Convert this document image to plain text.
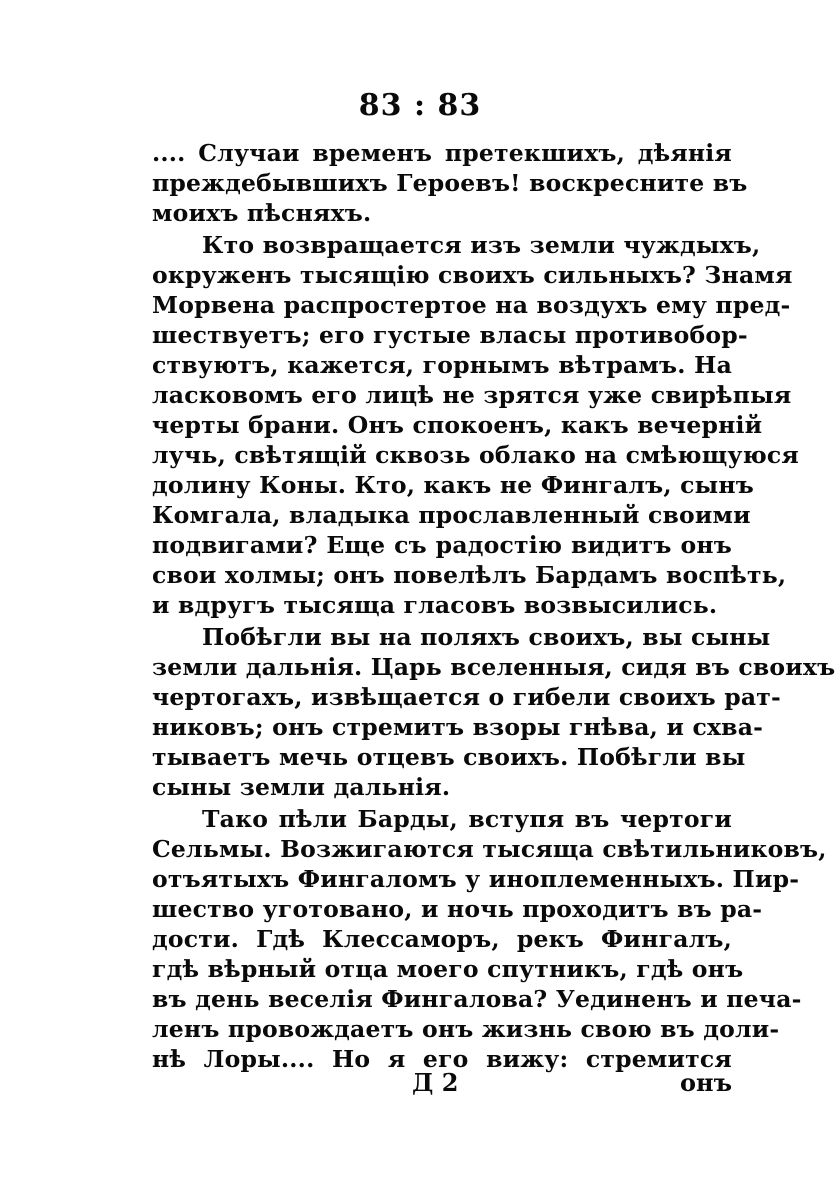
83 : 83
.... Случаи временъ претекшихъ, дѣянія
преждебывшихъ Героевъ! воскресните въ
моихъ пѣсняхъ.
Кто возвращается изъ земли чуждыхъ,
окруженъ тысящію своихъ сильныхъ? Знамя
Морвена распростертое на воздухъ ему пред-
шествуетъ; его густые власы противобор-
ствуютъ, кажется, горнымъ вѣтрамъ. На
ласковомъ его лицѣ не зрятся уже свирѣпыя
черты брани. Онъ спокоенъ, какъ вечерній
лучь, свѣтящій сквозь облако на смѣющуюся
долину Коны. Кто, какъ не Фингалъ, сынъ
Комгала, владыка прославленный своими
подвигами? Еще съ радостію видитъ онъ
свои холмы; онъ повелѣлъ Бардамъ воспѣть,
и вдругъ тысяща гласовъ возвысились.
Побѣгли вы на поляхъ своихъ, вы сыны
земли дальнія. Царь вселенныя, сидя въ своихъ
чертогахъ, извѣщается о гибели своихъ рат-
никовъ; онъ стремитъ взоры гнѣва, и схва-
тываетъ мечь отцевъ своихъ. Побѣгли вы
сыны земли дальнія.
Тако пѣли Барды, вступя въ чертоги
Сельмы. Возжигаются тысяща свѣтильниковъ,
отъятыхъ Фингаломъ у иноплеменныхъ. Пир-
шество уготовано, и ночь проходитъ въ ра-
дости. Гдѣ Клессаморъ, рекъ Фингалъ,
гдѣ вѣрный отца моего спутникъ, гдѣ онъ
въ день веселія Фингалова? Уединенъ и печа-
ленъ провождаетъ онъ жизнь свою въ доли-
нѣ Лоры.... Но я его вижу: стремится
Д 2	онъ
